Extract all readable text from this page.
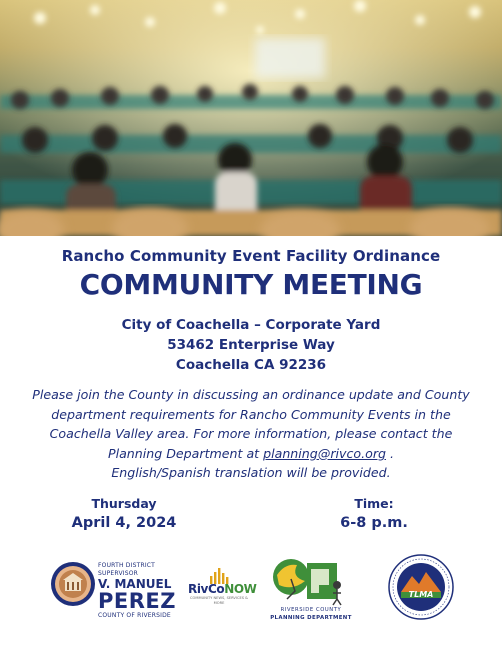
Rancho Community Event Facility Ordinance
COMMUNITY MEETING
City of Coachella – Corporate Yard
53462 Enterprise Way
Coachella CA 92236
Please join the County in discussing an ordinance update and County
department requirements for Rancho Community Events in the
Coachella Valley area. For more information, please contact the
Planning Department at planning@rivco.org .
English/Spanish translation will be provided.
Thursday
April 4, 2024
Time:
6-8 p.m.
FOURTH DISTRICT SUPERVISOR
V. MANUEL
PEREZ
COUNTY OF RIVERSIDE
RivCoNOW
COMMUNITY NEWS, SERVICES & MORE
RIVERSIDE COUNTY
PLANNING DEPARTMENT
TLMA
